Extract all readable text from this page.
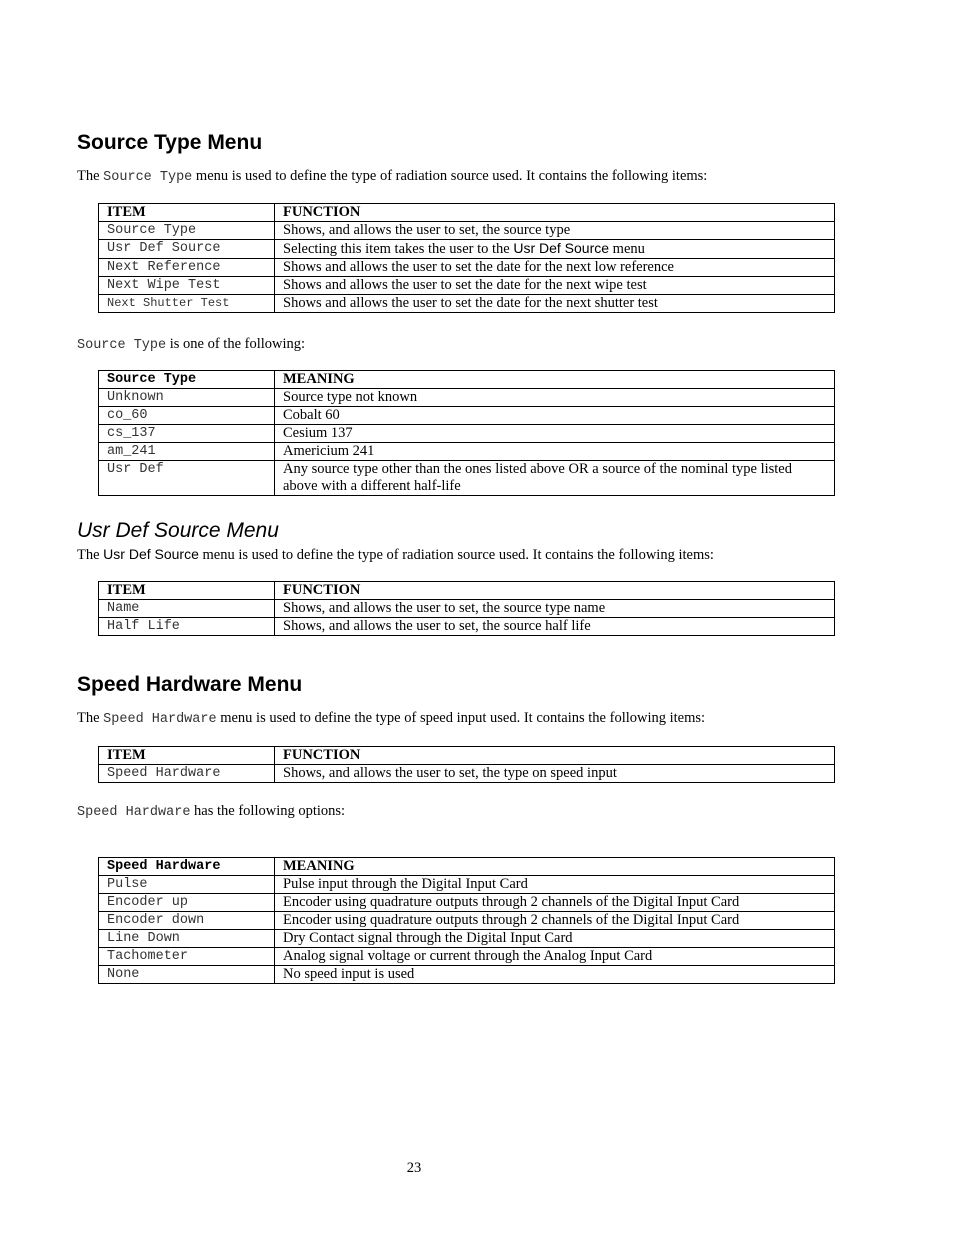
Source Type Menu

The Source Type menu is used to define the type of radiation source used. It contains the following items:

ITEM	FUNCTION
Source Type	Shows, and allows the user to set, the source type
Usr Def Source	Selecting this item takes the user to the Usr Def Source menu
Next Reference	Shows and allows the user to set the date for the next low reference
Next Wipe Test	Shows and allows the user to set the date for the next wipe test
Next Shutter Test	Shows and allows the user to set the date for the next shutter test

Source Type is one of the following:

Source Type	MEANING
Unknown	Source type not known
co_60	Cobalt 60
cs_137	Cesium 137
am_241	Americium 241
Usr Def	Any source type other than the ones listed above OR a source of the nominal type listed above with a different half-life
Usr Def Source Menu

The Usr Def Source menu is used to define the type of radiation source used. It contains the following items:

ITEM	FUNCTION
Name	Shows, and allows the user to set, the source type name
Half Life	Shows, and allows the user to set, the source half life
Speed Hardware Menu

The Speed Hardware menu is used to define the type of speed input used. It contains the following items:

ITEM	FUNCTION
Speed Hardware	Shows, and allows the user to set, the type on speed input

Speed Hardware has the following options:

Speed Hardware	MEANING
Pulse	Pulse input through the Digital Input Card
Encoder up	Encoder using quadrature outputs through 2 channels of the Digital Input Card
Encoder down	Encoder using quadrature outputs through 2 channels of the Digital Input Card
Line Down	Dry Contact signal through the Digital Input Card
Tachometer	Analog signal voltage or current through the Analog Input Card
None	No speed input is used
23
